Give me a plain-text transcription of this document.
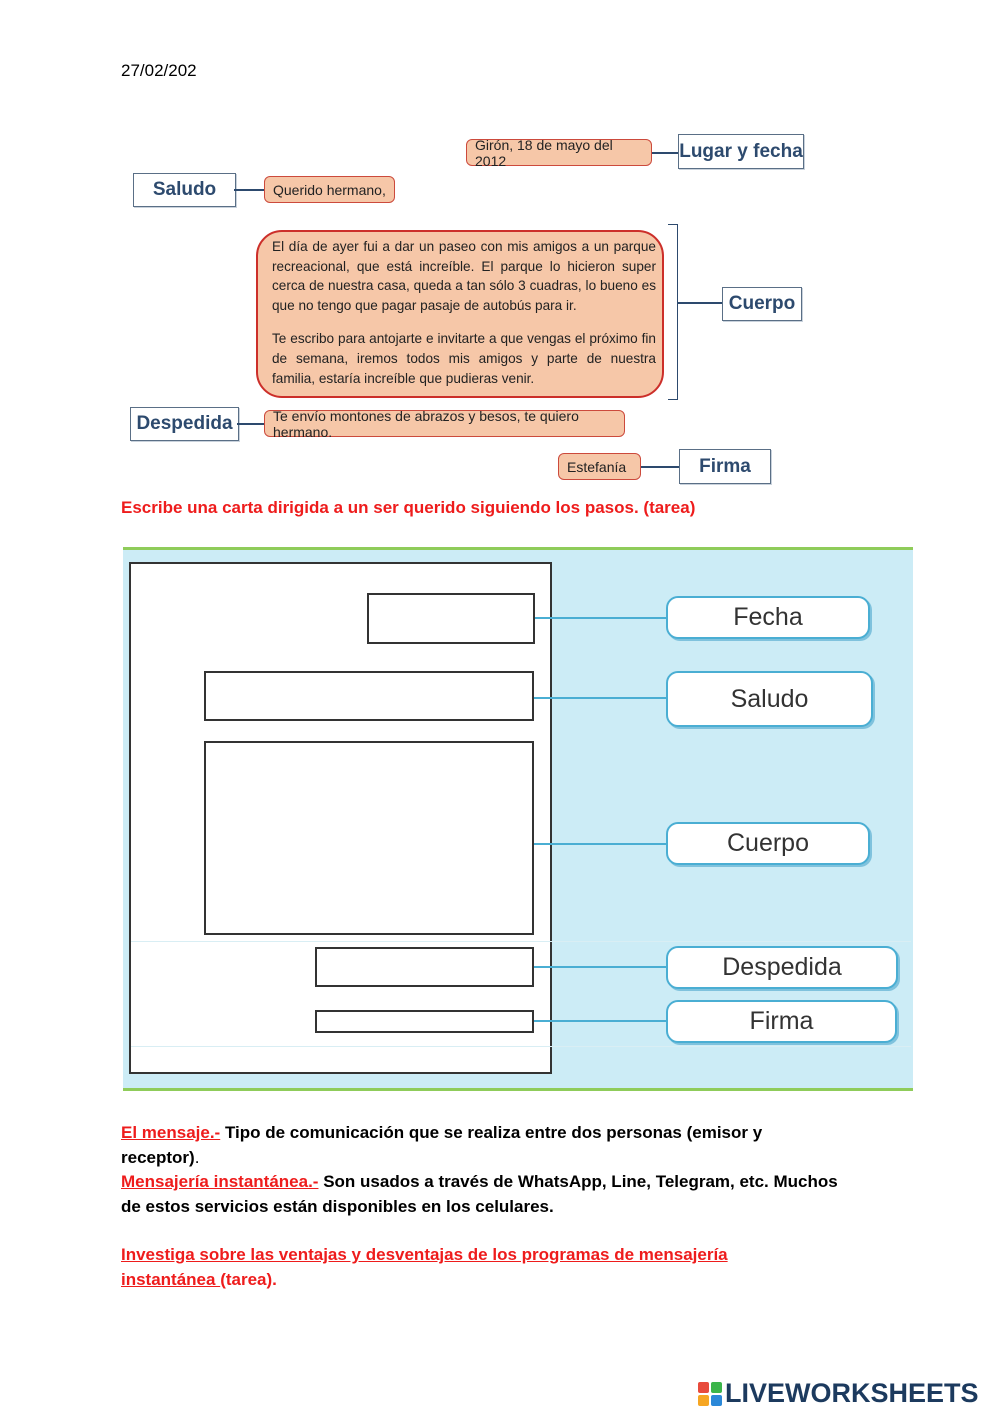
27/02/202
Girón, 18 de mayo del 2012	Lugar y fecha
Saludo	Querido hermano,

El día de ayer fui a dar un paseo con mis amigos a un parque recreacional, que está increíble. El parque lo hicieron super cerca de nuestra casa, queda a tan sólo 3 cuadras, lo bueno es que no tengo que pagar pasaje de autobús para ir.

Te escribo para antojarte e invitarte a que vengas el próximo fin de semana, iremos todos mis amigos y parte de nuestra familia, estaría increíble que pudieras venir.

Cuerpo
Despedida	Te envío montones de abrazos y besos, te quiero hermano.
Estefanía	Firma
Escribe una carta dirigida a un ser querido siguiendo los pasos. (tarea)
Fecha
Saludo
Cuerpo
Despedida
Firma
El mensaje.- Tipo de comunicación que se realiza entre dos personas (emisor y receptor).
Mensajería instantánea.- Son usados a través de WhatsApp, Line, Telegram, etc. Muchos de estos servicios están disponibles en los celulares.
Investiga sobre las ventajas y desventajas de los programas de mensajería instantánea (tarea).
LIVEWORKSHEETS
